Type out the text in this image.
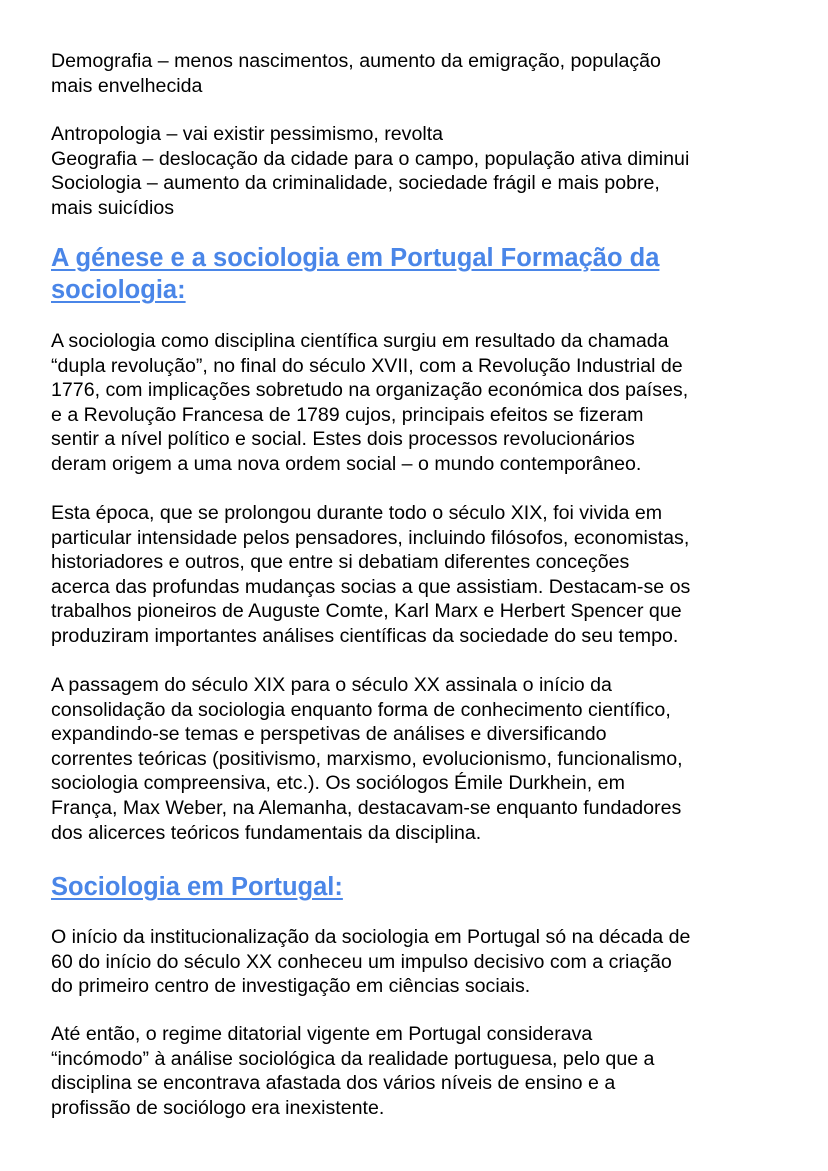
Demografia – menos nascimentos, aumento da emigração, população
mais envelhecida

Antropologia – vai existir pessimismo, revolta
Geografia – deslocação da cidade para o campo, população ativa diminui
Sociologia – aumento da criminalidade, sociedade frágil e mais pobre,
mais suicídios

A génese e a sociologia em Portugal Formação da
sociologia:

A sociologia como disciplina científica surgiu em resultado da chamada
“dupla revolução”, no final do século XVII, com a Revolução Industrial de
1776, com implicações sobretudo na organização económica dos países,
e a Revolução Francesa de 1789 cujos, principais efeitos se fizeram
sentir a nível político e social. Estes dois processos revolucionários
deram origem a uma nova ordem social – o mundo contemporâneo.

Esta época, que se prolongou durante todo o século XIX, foi vivida em
particular intensidade pelos pensadores, incluindo filósofos, economistas,
historiadores e outros, que entre si debatiam diferentes conceções
acerca das profundas mudanças socias a que assistiam. Destacam-se os
trabalhos pioneiros de Auguste Comte, Karl Marx e Herbert Spencer que
produziram importantes análises científicas da sociedade do seu tempo.

A passagem do século XIX para o século XX assinala o início da
consolidação da sociologia enquanto forma de conhecimento científico,
expandindo-se temas e perspetivas de análises e diversificando
correntes teóricas (positivismo, marxismo, evolucionismo, funcionalismo,
sociologia compreensiva, etc.). Os sociólogos Émile Durkhein, em
França, Max Weber, na Alemanha, destacavam-se enquanto fundadores
dos alicerces teóricos fundamentais da disciplina.

Sociologia em Portugal:

O início da institucionalização da sociologia em Portugal só na década de
60 do início do século XX conheceu um impulso decisivo com a criação
do primeiro centro de investigação em ciências sociais.

Até então, o regime ditatorial vigente em Portugal considerava
“incómodo” à análise sociológica da realidade portuguesa, pelo que a
disciplina se encontrava afastada dos vários níveis de ensino e a
profissão de sociólogo era inexistente.
